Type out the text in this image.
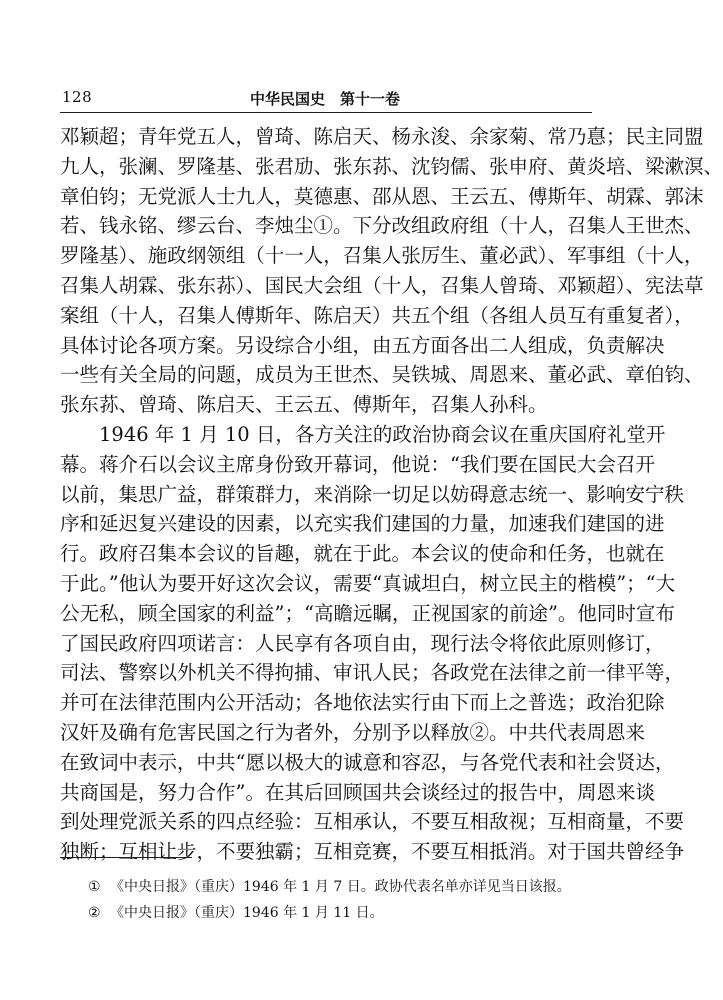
128	中华民国史　第十一卷
邓颖超；青年党五人，曾琦、陈启天、杨永浚、余家菊、常乃惪；民主同盟
九人，张澜、罗隆基、张君劢、张东荪、沈钧儒、张申府、黄炎培、梁漱溟、
章伯钧；无党派人士九人，莫德惠、邵从恩、王云五、傅斯年、胡霖、郭沫
若、钱永铭、缪云台、李烛尘①。下分改组政府组（十人，召集人王世杰、
罗隆基）、施政纲领组（十一人，召集人张厉生、董必武）、军事组（十人，
召集人胡霖、张东荪）、国民大会组（十人，召集人曾琦、邓颖超）、宪法草
案组（十人，召集人傅斯年、陈启天）共五个组（各组人员互有重复者），
具体讨论各项方案。另设综合小组，由五方面各出二人组成，负责解决
一些有关全局的问题，成员为王世杰、吴铁城、周恩来、董必武、章伯钧、
张东荪、曾琦、陈启天、王云五、傅斯年，召集人孙科。
1946 年 1 月 10 日，各方关注的政治协商会议在重庆国府礼堂开
幕。蒋介石以会议主席身份致开幕词，他说：“我们要在国民大会召开
以前，集思广益，群策群力，来消除一切足以妨碍意志统一、影响安宁秩
序和延迟复兴建设的因素，以充实我们建国的力量，加速我们建国的进
行。政府召集本会议的旨趣，就在于此。本会议的使命和任务，也就在
于此。”他认为要开好这次会议，需要“真诚坦白，树立民主的楷模”；“大
公无私，顾全国家的利益”；“高瞻远瞩，正视国家的前途”。他同时宣布
了国民政府四项诺言：人民享有各项自由，现行法令将依此原则修订，
司法、警察以外机关不得拘捕、审讯人民；各政党在法律之前一律平等，
并可在法律范围内公开活动；各地依法实行由下而上之普选；政治犯除
汉奸及确有危害民国之行为者外，分别予以释放②。中共代表周恩来
在致词中表示，中共“愿以极大的诚意和容忍，与各党代表和社会贤达，
共商国是，努力合作”。在其后回顾国共会谈经过的报告中，周恩来谈
到处理党派关系的四点经验：互相承认，不要互相敌视；互相商量，不要
独断；互相让步，不要独霸；互相竞赛，不要互相抵消。对于国共曾经争
① 《中央日报》（重庆）1946 年 1 月 7 日。政协代表名单亦详见当日该报。
② 《中央日报》（重庆）1946 年 1 月 11 日。
